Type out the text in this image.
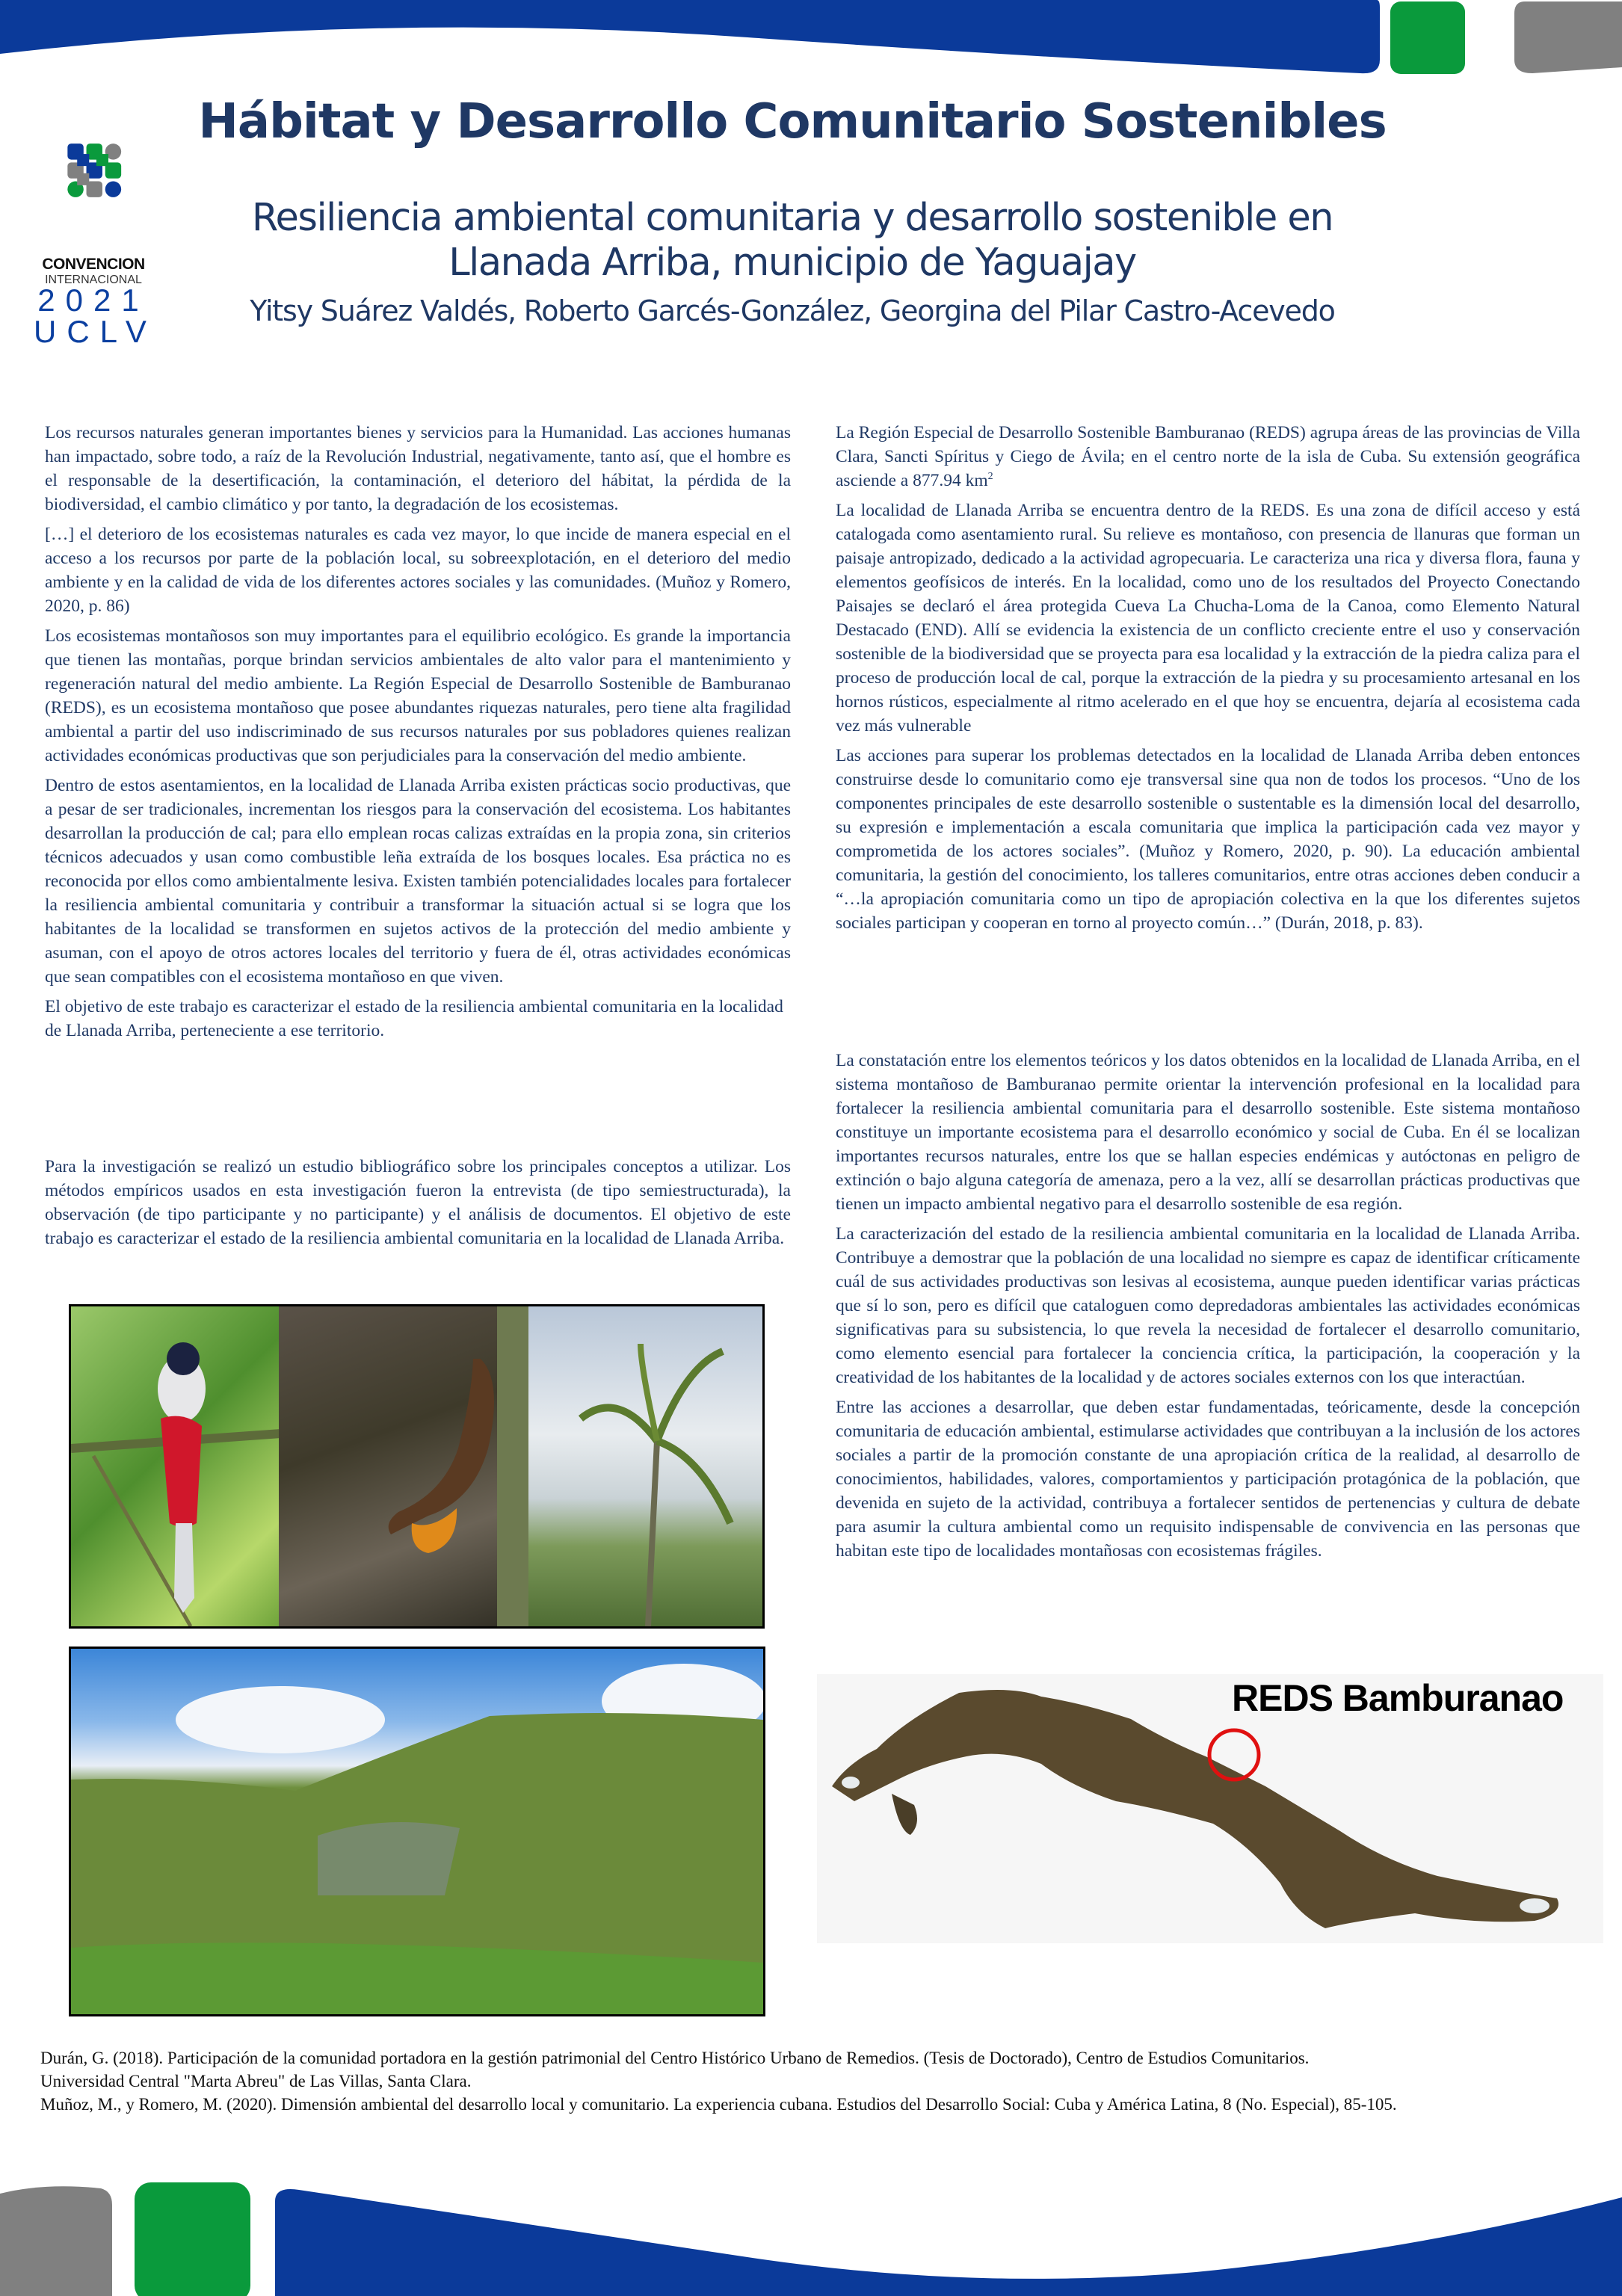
CONVENCION
INTERNACIONAL
2021
UCLV
Hábitat y Desarrollo Comunitario Sostenibles
Resiliencia ambiental comunitaria y desarrollo sostenible en
Llanada Arriba, municipio de Yaguajay
Yitsy Suárez Valdés, Roberto Garcés-González, Georgina del Pilar Castro-Acevedo

Los recursos naturales generan importantes bienes y servicios para la Humanidad. Las acciones humanas han impactado, sobre todo, a raíz de la Revolución Industrial, negativamente, tanto así, que el hombre es el responsable de la desertificación, la contaminación, el deterioro del hábitat, la pérdida de la biodiversidad, el cambio climático y por tanto, la degradación de los ecosistemas.

[…] el deterioro de los ecosistemas naturales es cada vez mayor, lo que incide de manera especial en el acceso a los recursos por parte de la población local, su sobreexplotación, en el deterioro del medio ambiente y en la calidad de vida de los diferentes actores sociales y las comunidades. (Muñoz y Romero, 2020, p. 86)

Los ecosistemas montañosos son muy importantes para el equilibrio ecológico. Es grande la importancia que tienen las montañas, porque brindan servicios ambientales de alto valor para el mantenimiento y regeneración natural del medio ambiente. La Región Especial de Desarrollo Sostenible de Bamburanao (REDS), es un ecosistema montañoso que posee abundantes riquezas naturales, pero tiene alta fragilidad ambiental a partir del uso indiscriminado de sus recursos naturales por sus pobladores quienes realizan actividades económicas productivas que son perjudiciales para la conservación del medio ambiente.

Dentro de estos asentamientos, en la localidad de Llanada Arriba existen prácticas socio productivas, que a pesar de ser tradicionales, incrementan los riesgos para la conservación del ecosistema. Los habitantes desarrollan la producción de cal; para ello emplean rocas calizas extraídas en la propia zona, sin criterios técnicos adecuados y usan como combustible leña extraída de los bosques locales. Esa práctica no es reconocida por ellos como ambientalmente lesiva. Existen también potencialidades locales para fortalecer la resiliencia ambiental comunitaria y contribuir a transformar la situación actual si se logra que los habitantes de la localidad se transformen en sujetos activos de la protección del medio ambiente y asuman, con el apoyo de otros actores locales del territorio y fuera de él, otras actividades económicas que sean compatibles con el ecosistema montañoso en que viven.

El objetivo de este trabajo es caracterizar el estado de la resiliencia ambiental comunitaria en la localidad de Llanada Arriba, perteneciente a ese territorio.

Para la investigación se realizó un estudio bibliográfico sobre los principales conceptos a utilizar. Los métodos empíricos usados en esta investigación fueron la entrevista (de tipo semiestructurada), la observación (de tipo participante y no participante) y el análisis de documentos. El objetivo de este trabajo es caracterizar el estado de la resiliencia ambiental comunitaria en la localidad de Llanada Arriba.

La Región Especial de Desarrollo Sostenible Bamburanao (REDS) agrupa áreas de las provincias de Villa Clara, Sancti Spíritus y Ciego de Ávila; en el centro norte de la isla de Cuba. Su extensión geográfica asciende a 877.94 $km^2$

La localidad de Llanada Arriba se encuentra dentro de la REDS. Es una zona de difícil acceso y está catalogada como asentamiento rural. Su relieve es montañoso, con presencia de llanuras que forman un paisaje antropizado, dedicado a la actividad agropecuaria. Le caracteriza una rica y diversa flora, fauna y elementos geofísicos de interés. En la localidad, como uno de los resultados del Proyecto Conectando Paisajes se declaró el área protegida Cueva La Chucha-Loma de la Canoa, como Elemento Natural Destacado (END). Allí se evidencia la existencia de un conflicto creciente entre el uso y conservación sostenible de la biodiversidad que se proyecta para esa localidad y la extracción de la piedra caliza para el proceso de producción local de cal, porque la extracción de la piedra y su procesamiento artesanal en los hornos rústicos, especialmente al ritmo acelerado en el que hoy se encuentra, dejaría al ecosistema cada vez más vulnerable

Las acciones para superar los problemas detectados en la localidad de Llanada Arriba deben entonces construirse desde lo comunitario como eje transversal sine qua non de todos los procesos. “Uno de los componentes principales de este desarrollo sostenible o sustentable es la dimensión local del desarrollo, su expresión e implementación a escala comunitaria que implica la participación cada vez mayor y comprometida de los actores sociales”. (Muñoz y Romero, 2020, p. 90). La educación ambiental comunitaria, la gestión del conocimiento, los talleres comunitarios, entre otras acciones deben conducir a “…la apropiación comunitaria como un tipo de apropiación colectiva en la que los diferentes sujetos sociales participan y cooperan en torno al proyecto común…” (Durán, 2018, p. 83).

La constatación entre los elementos teóricos y los datos obtenidos en la localidad de Llanada Arriba, en el sistema montañoso de Bamburanao permite orientar la intervención profesional en la localidad para fortalecer la resiliencia ambiental comunitaria para el desarrollo sostenible. Este sistema montañoso constituye un importante ecosistema para el desarrollo económico y social de Cuba. En él se localizan importantes recursos naturales, entre los que se hallan especies endémicas y autóctonas en peligro de extinción o bajo alguna categoría de amenaza, pero a la vez, allí se desarrollan prácticas productivas que tienen un impacto ambiental negativo para el desarrollo sostenible de esa región.

La caracterización del estado de la resiliencia ambiental comunitaria en la localidad de Llanada Arriba. Contribuye a demostrar que la población de una localidad no siempre es capaz de identificar críticamente cuál de sus actividades productivas son lesivas al ecosistema, aunque pueden identificar varias prácticas que sí lo son, pero es difícil que cataloguen como depredadoras ambientales las actividades económicas significativas para su subsistencia, lo que revela la necesidad de fortalecer el desarrollo comunitario, como elemento esencial para fortalecer la conciencia crítica, la participación, la cooperación y la creatividad de los habitantes de la localidad y de actores sociales externos con los que interactúan.

Entre las acciones a desarrollar, que deben estar fundamentadas, teóricamente, desde la concepción comunitaria de educación ambiental, estimularse actividades que contribuyan a la inclusión de los actores sociales a partir de la promoción constante de una apropiación crítica de la realidad, al desarrollo de conocimientos, habilidades, valores, comportamientos y participación protagónica de la población, que devenida en sujeto de la actividad, contribuya a fortalecer sentidos de pertenencias y cultura de debate para asumir la cultura ambiental como un requisito indispensable de convivencia en las personas que habitan este tipo de localidades montañosas con ecosistemas frágiles.

REDS Bamburanao
Durán, G. (2018). Participación de la comunidad portadora en la gestión patrimonial del Centro Histórico Urbano de Remedios. (Tesis de Doctorado), Centro de Estudios Comunitarios.
Universidad Central "Marta Abreu" de Las Villas, Santa Clara.
Muñoz, M., y Romero, M. (2020). Dimensión ambiental del desarrollo local y comunitario. La experiencia cubana. Estudios del Desarrollo Social: Cuba y América Latina, 8 (No. Especial), 85-105.
